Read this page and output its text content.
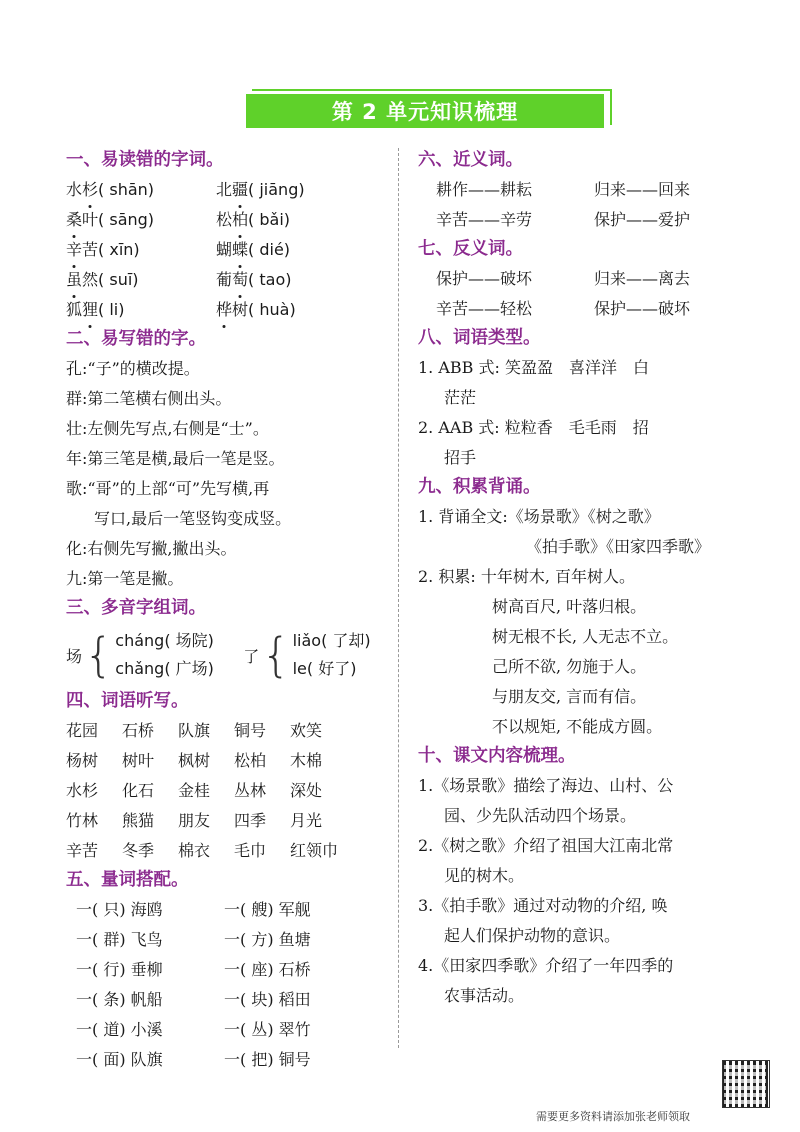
第 2 单元知识梳理
一、易读错的字词。
水杉( shān)	北疆( jiāng)
桑叶( sāng)	松柏( bǎi)
辛苦( xīn)	蝴蝶( dié)
虽然( suī)	葡萄( tao)
狐狸( li)	桦树( huà)
二、易写错的字。
孔:“子”的横改提。
群:第二笔横右侧出头。
壮:左侧先写点,右侧是“士”。
年:第三笔是横,最后一笔是竖。
歌:“哥”的上部“可”先写横,再
写口,最后一笔竖钩变成竖。
化:右侧先写撇,撇出头。
九:第一笔是撇。
三、多音字组词。
场 { cháng( 场院)
chǎng( 广场)
了 { liǎo( 了却)
le( 好了)
四、词语听写。
花园	石桥	队旗	铜号	欢笑
杨树	树叶	枫树	松柏	木棉
水杉	化石	金桂	丛林	深处
竹林	熊猫	朋友	四季	月光
辛苦	冬季	棉衣	毛巾	红领巾
五、量词搭配。
一( 只) 海鸥	一( 艘) 军舰
一( 群) 飞鸟	一( 方) 鱼塘
一( 行) 垂柳	一( 座) 石桥
一( 条) 帆船	一( 块) 稻田
一( 道) 小溪	一( 丛) 翠竹
一( 面) 队旗	一( 把) 铜号
六、近义词。
耕作——耕耘	归来——回来
辛苦——辛劳	保护——爱护
七、反义词。
保护——破坏	归来——离去
辛苦——轻松	保护——破坏
八、词语类型。
1. ABB 式: 笑盈盈　喜洋洋　白
茫茫
2. AAB 式: 粒粒香　毛毛雨　招
招手
九、积累背诵。
1. 背诵全文:《场景歌》《树之歌》
《拍手歌》《田家四季歌》
2. 积累: 十年树木, 百年树人。
树高百尺, 叶落归根。
树无根不长, 人无志不立。
己所不欲, 勿施于人。
与朋友交, 言而有信。
不以规矩, 不能成方圆。
十、课文内容梳理。
1.《场景歌》描绘了海边、山村、公
园、少先队活动四个场景。
2.《树之歌》介绍了祖国大江南北常
见的树木。
3.《拍手歌》通过对动物的介绍, 唤
起人们保护动物的意识。
4.《田家四季歌》介绍了一年四季的
农事活动。
需要更多资料请添加张老师领取
